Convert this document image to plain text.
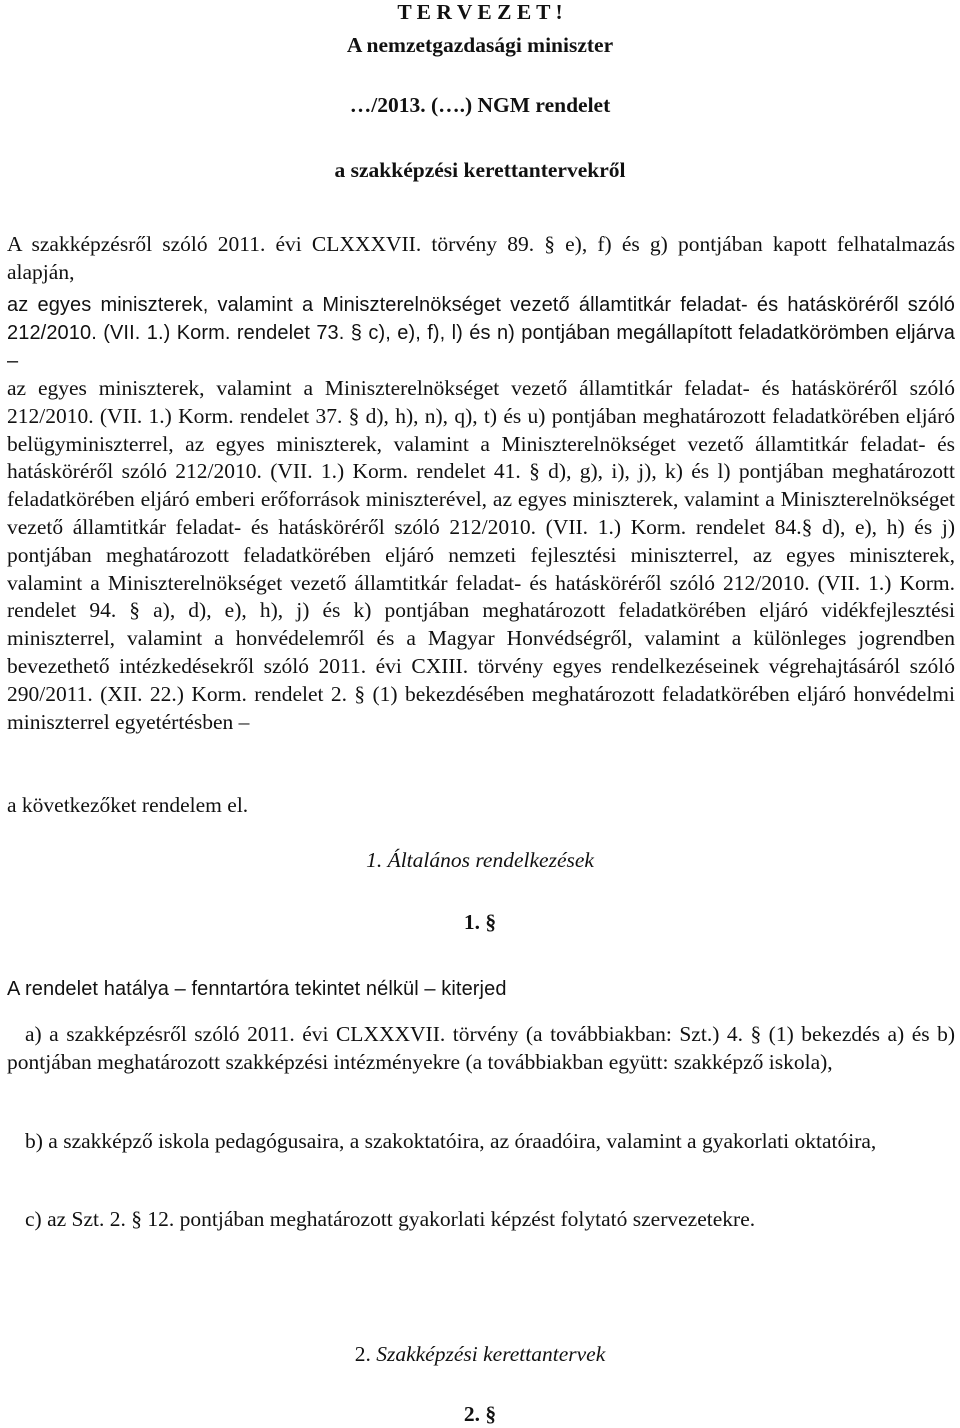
T E R V E Z E T !
A nemzetgazdasági miniszter
…/2013. (….) NGM rendelet
a szakképzési kerettantervekről
A szakképzésről szóló 2011. évi CLXXXVII. törvény 89. § e), f) és g) pontjában kapott felhatalmazás alapján,
az egyes miniszterek, valamint a Miniszterelnökséget vezető államtitkár feladat- és hatásköréről szóló 212/2010. (VII. 1.) Korm. rendelet 73. § c), e), f), l) és n) pontjában megállapított feladatkörömben eljárva –
az egyes miniszterek, valamint a Miniszterelnökséget vezető államtitkár feladat- és hatásköréről szóló 212/2010. (VII. 1.) Korm. rendelet 37. § d), h), n), q), t) és u) pontjában meghatározott feladatkörében eljáró belügyminiszterrel, az egyes miniszterek, valamint a Miniszterelnökséget vezető államtitkár feladat- és hatásköréről szóló 212/2010. (VII. 1.) Korm. rendelet 41. § d), g), i), j), k) és l) pontjában meghatározott feladatkörében eljáró emberi erőforrások miniszterével, az egyes miniszterek, valamint a Miniszterelnökséget vezető államtitkár feladat- és hatásköréről szóló 212/2010. (VII. 1.) Korm. rendelet 84.§ d), e), h) és j) pontjában meghatározott feladatkörében eljáró nemzeti fejlesztési miniszterrel, az egyes miniszterek, valamint a Miniszterelnökséget vezető államtitkár feladat- és hatásköréről szóló 212/2010. (VII. 1.) Korm. rendelet 94. § a), d), e), h), j) és k) pontjában meghatározott feladatkörében eljáró vidékfejlesztési miniszterrel, valamint a honvédelemről és a Magyar Honvédségről, valamint a különleges jogrendben bevezethető intézkedésekről szóló 2011. évi CXIII. törvény egyes rendelkezéseinek végrehajtásáról szóló 290/2011. (XII. 22.) Korm. rendelet 2. § (1) bekezdésében meghatározott feladatkörében eljáró honvédelmi miniszterrel egyetértésben –
a következőket rendelem el.
1. Általános rendelkezések
1. §
A rendelet hatálya – fenntartóra tekintet nélkül – kiterjed
a) a szakképzésről szóló 2011. évi CLXXXVII. törvény (a továbbiakban: Szt.) 4. § (1) bekezdés a) és b) pontjában meghatározott szakképzési intézményekre (a továbbiakban együtt: szakképző iskola),
b) a szakképző iskola pedagógusaira, a szakoktatóira, az óraadóira, valamint a gyakorlati oktatóira,
c) az Szt. 2. § 12. pontjában meghatározott gyakorlati képzést folytató szervezetekre.
2. Szakképzési kerettantervek
2. §
